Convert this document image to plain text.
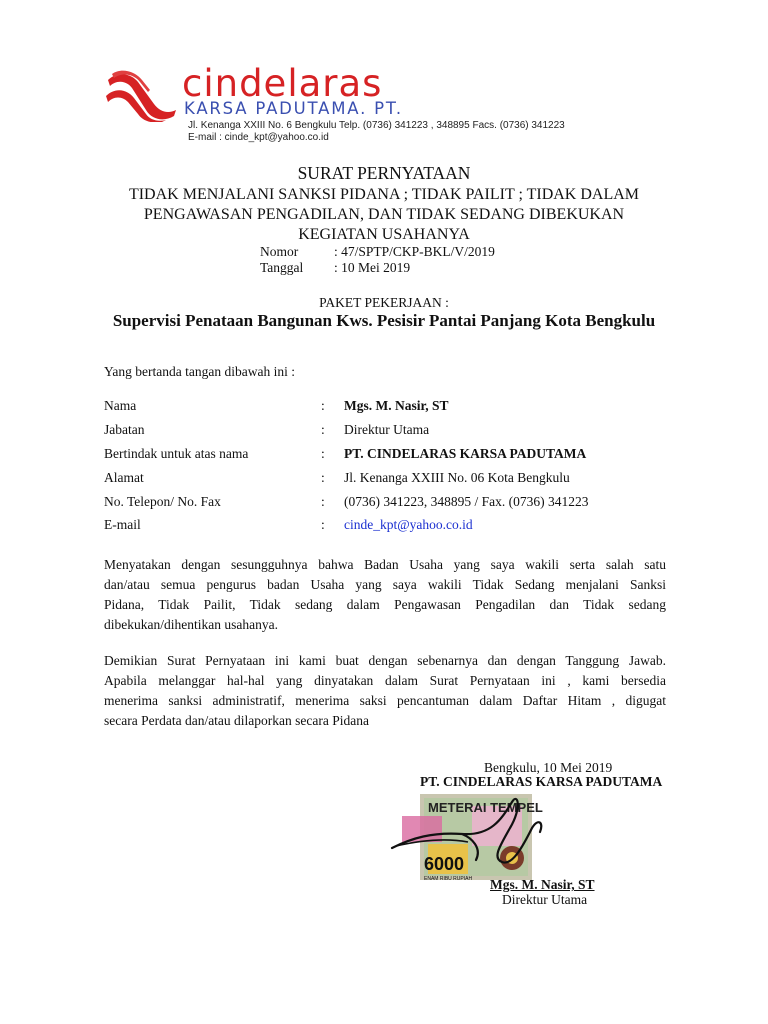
cindelaras
KARSA PADUTAMA. PT.
Jl. Kenanga XXIII No. 6 Bengkulu Telp. (0736) 341223 , 348895 Facs. (0736) 341223
E-mail : cinde_kpt@yahoo.co.id
SURAT PERNYATAAN
TIDAK MENJALANI SANKSI PIDANA ; TIDAK PAILIT ; TIDAK DALAM
PENGAWASAN PENGADILAN, DAN TIDAK SEDANG DIBEKUKAN
KEGIATAN USAHANYA
Nomor	: 47/SPTP/CKP-BKL/V/2019
Tanggal : 10 Mei 2019
PAKET PEKERJAAN :
Supervisi Penataan Bangunan Kws. Pesisir Pantai Panjang Kota Bengkulu
Yang bertanda tangan dibawah ini :
Nama	: Mgs. M. Nasir, ST
Jabatan	: Direktur Utama
Bertindak untuk atas nama	: PT. CINDELARAS KARSA PADUTAMA
Alamat	: Jl. Kenanga XXIII No. 06 Kota Bengkulu
No. Telepon/ No. Fax	: (0736) 341223, 348895 / Fax. (0736) 341223
E-mail	: cinde_kpt@yahoo.co.id
Menyatakan dengan sesungguhnya bahwa Badan Usaha yang saya wakili serta salah satu
dan/atau semua pengurus badan Usaha yang saya wakili Tidak Sedang menjalani Sanksi
Pidana, Tidak Pailit, Tidak sedang dalam Pengawasan Pengadilan dan Tidak sedang
dibekukan/dihentikan usahanya.
Demikian Surat Pernyataan ini kami buat dengan sebenarnya dan dengan Tanggung Jawab.
Apabila melanggar hal-hal yang dinyatakan dalam Surat Pernyataan ini , kami bersedia
menerima sanksi administratif, menerima saksi pencantuman dalam Daftar Hitam , digugat
secara Perdata dan/atau dilaporkan secara Pidana
Bengkulu, 10 Mei 2019
PT. CINDELARAS KARSA PADUTAMA
METERAI TEMPEL
6000
ENAM RIBU RUPIAH Mgs. M. Nasir, ST
Direktur Utama
